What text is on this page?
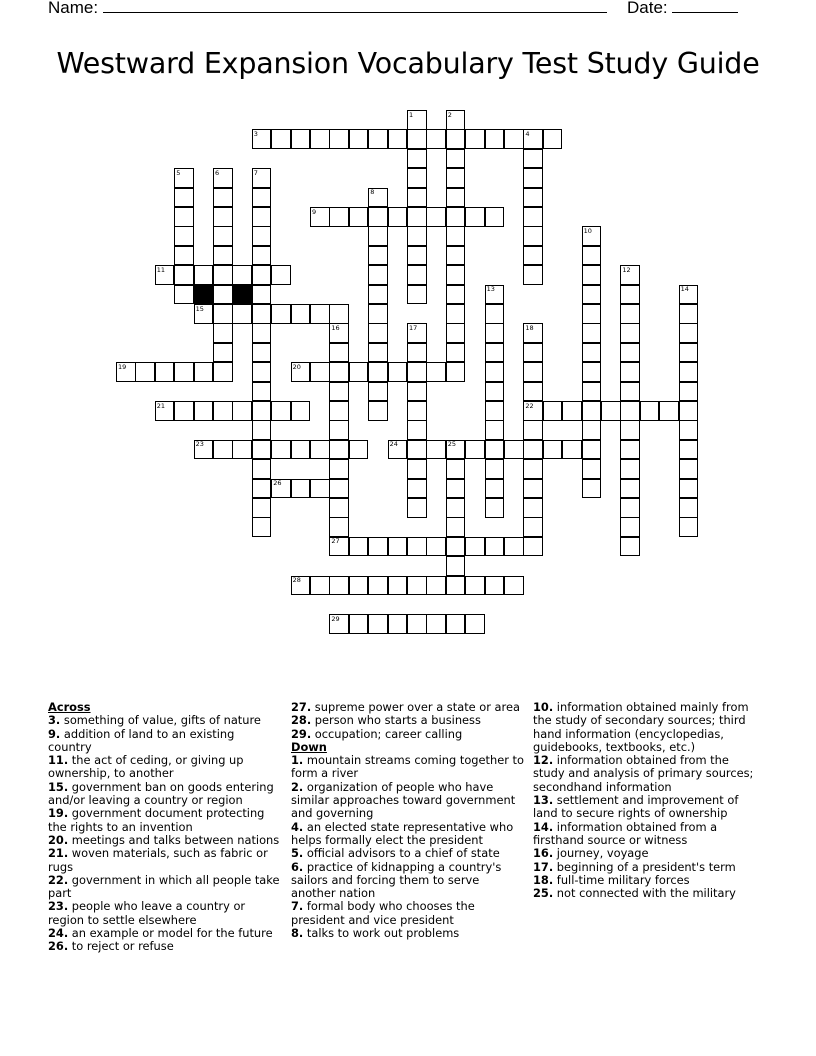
Name:	Date:
Westward Expansion Vocabulary Test Study Guide
1	2
3	4
5	6	7
8
9
10
11	12
13	14
15
16	17	18
19	20
21	22
23	24	25
26
27
28
29
Across
3. something of value, gifts of nature
9. addition of land to an existing country
11. the act of ceding, or giving up ownership, to another
15. government ban on goods entering and/or leaving a country or region
19. government document protecting the rights to an invention
20. meetings and talks between nations
21. woven materials, such as fabric or rugs
22. government in which all people take part
23. people who leave a country or region to settle elsewhere
24. an example or model for the future
26. to reject or refuse
27. supreme power over a state or area
28. person who starts a business
29. occupation; career calling
Down
1. mountain streams coming together to form a river
2. organization of people who have similar approaches toward government and governing
4. an elected state representative who helps formally elect the president
5. official advisors to a chief of state
6. practice of kidnapping a country's sailors and forcing them to serve another nation
7. formal body who chooses the president and vice president
8. talks to work out problems
10. information obtained mainly from the study of secondary sources; third hand information (encyclopedias, guidebooks, textbooks, etc.)
12. information obtained from the study and analysis of primary sources; secondhand information
13. settlement and improvement of land to secure rights of ownership
14. information obtained from a firsthand source or witness
16. journey, voyage
17. beginning of a president's term
18. full-time military forces
25. not connected with the military
